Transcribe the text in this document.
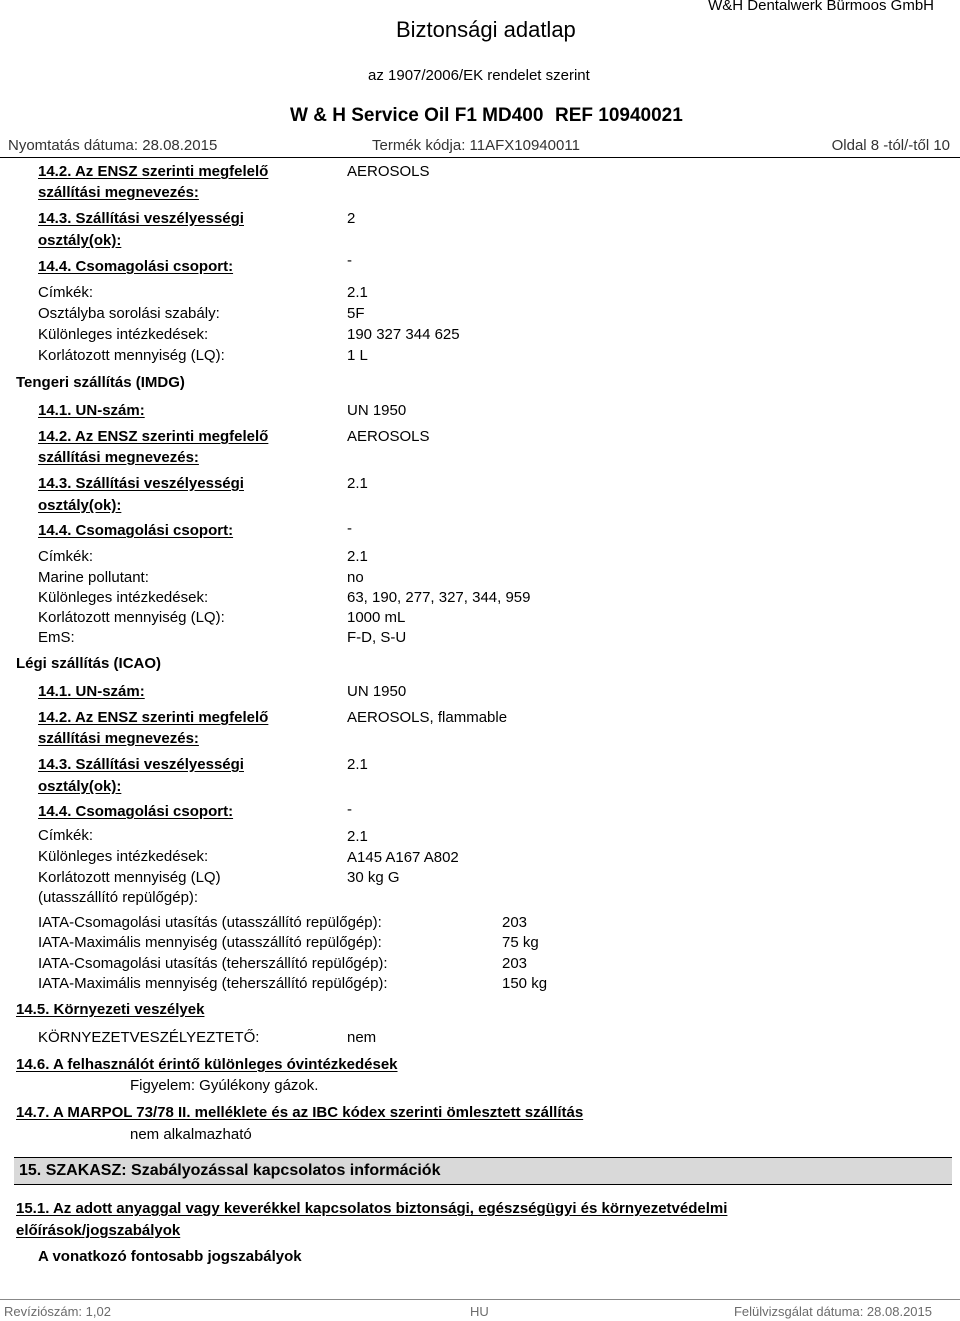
Biztonsági adatlap
W&H Dentalwerk Bürmoos GmbH
az 1907/2006/EK rendelet szerint
W & H Service Oil F1 MD400 REF 10940021
Nyomtatás dátuma: 28.08.2015	Termék kódja: 11AFX10940011	Oldal 8 -tól/-től 10
14.2. Az ENSZ szerinti megfelelő
szállítási megnevezés:
AEROSOLS
14.3. Szállítási veszélyességi
osztály(ok):
2
14.4. Csomagolási csoport:	-
Címkék:	2.1
Osztályba sorolási szabály:	5F
Különleges intézkedések:	190 327 344 625
Korlátozott mennyiség (LQ):	1 L
Tengeri szállítás (IMDG)
14.1. UN-szám:	UN 1950
14.2. Az ENSZ szerinti megfelelő
szállítási megnevezés:
AEROSOLS
14.3. Szállítási veszélyességi
osztály(ok):
2.1
14.4. Csomagolási csoport:	-
Címkék:	2.1
Marine pollutant:	no
Különleges intézkedések:	63, 190, 277, 327, 344, 959
Korlátozott mennyiség (LQ):	1000 mL
EmS:	F-D, S-U
Légi szállítás (ICAO)
14.1. UN-szám:	UN 1950
14.2. Az ENSZ szerinti megfelelő
szállítási megnevezés:
AEROSOLS, flammable
14.3. Szállítási veszélyességi
osztály(ok):
2.1
14.4. Csomagolási csoport:	-
Címkék:	2.1
Különleges intézkedések:	A145 A167 A802
Korlátozott mennyiség (LQ)
(utasszállító repülőgép):
30 kg G
IATA-Csomagolási utasítás (utasszállító repülőgép):	203
IATA-Maximális mennyiség (utasszállító repülőgép):	75 kg
IATA-Csomagolási utasítás (teherszállító repülőgép):	203
IATA-Maximális mennyiség (teherszállító repülőgép):	150 kg
14.5. Környezeti veszélyek
KÖRNYEZETVESZÉLYEZTETŐ:	nem
14.6. A felhasználót érintő különleges óvintézkedések
Figyelem: Gyúlékony gázok.
14.7. A MARPOL 73/78 II. melléklete és az IBC kódex szerinti ömlesztett szállítás
nem alkalmazható
15. SZAKASZ: Szabályozással kapcsolatos információk
15.1. Az adott anyaggal vagy keverékkel kapcsolatos biztonsági, egészségügyi és környezetvédelmi
előírások/jogszabályok
A vonatkozó fontosabb jogszabályok
Revíziószám: 1,02	HU	Felülvizsgálat dátuma: 28.08.2015
